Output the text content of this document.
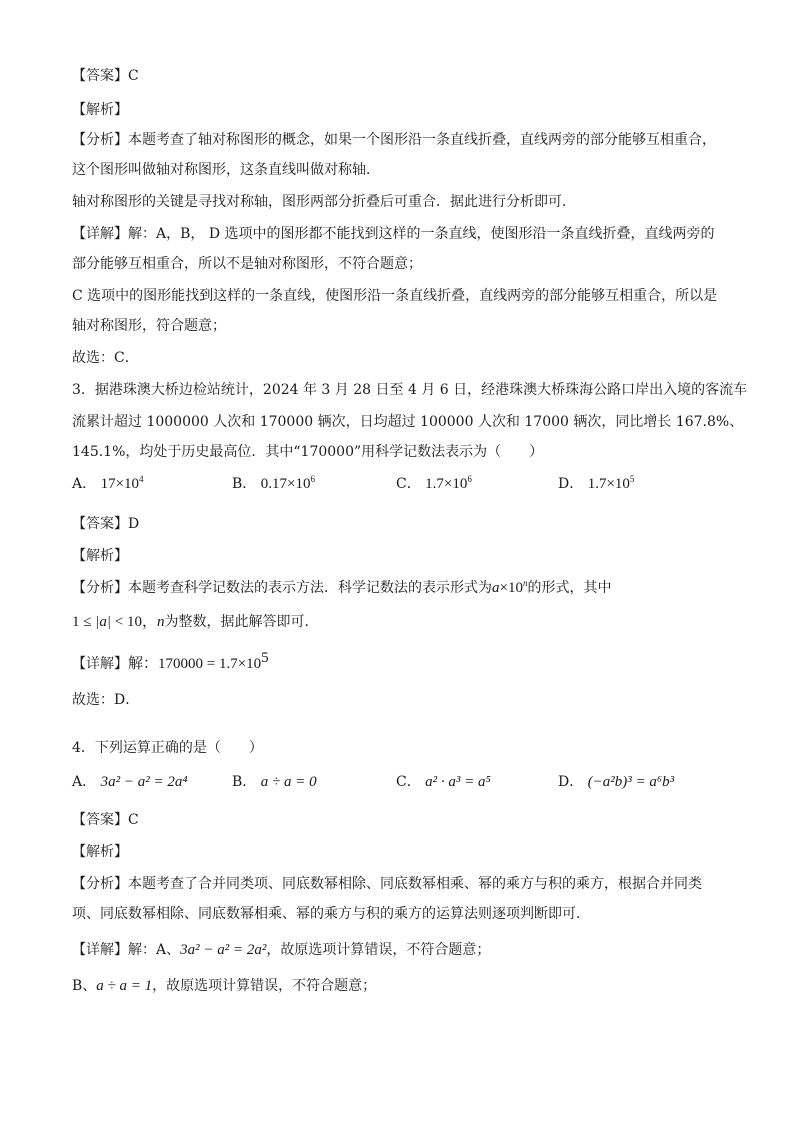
【答案】C
【解析】
【分析】本题考查了轴对称图形的概念，如果一个图形沿一条直线折叠，直线两旁的部分能够互相重合，
这个图形叫做轴对称图形，这条直线叫做对称轴．
轴对称图形的关键是寻找对称轴，图形两部分折叠后可重合．据此进行分析即可．
【详解】解：A，B， D 选项中的图形都不能找到这样的一条直线，使图形沿一条直线折叠，直线两旁的
部分能够互相重合，所以不是轴对称图形，不符合题意；
C 选项中的图形能找到这样的一条直线，使图形沿一条直线折叠，直线两旁的部分能够互相重合，所以是
轴对称图形，符合题意；
故选：C．
3．据港珠澳大桥边检站统计，2024 年 3 月 28 日至 4 月 6 日，经港珠澳大桥珠海公路口岸出入境的客流车
流累计超过 1000000 人次和 170000 辆次，日均超过 100000 人次和 17000 辆次，同比增长 167.8%、
145.1%，均处于历史最高位．其中“170000”用科学记数法表示为（　　）
A． $17\times 10^4$	B． $0.17\times 10^6$	C． $1.7\times 10^6$	D． $1.7\times 10^5$
【答案】D
【解析】
【分析】本题考查科学记数法的表示方法．科学记数法的表示形式为$a\times 10^n$的形式，其中
1 ≤ |a| < 10，n为整数，据此解答即可．
【详解】解：$170000 = 1.7\times 10^5$
故选：D．
4．下列运算正确的是（　　）
A． 3a² − a² = 2a⁴	B． a ÷ a = 0	C． a² · a³ = a⁵	D． (−a²b)³ = a⁶b³
【答案】C
【解析】
【分析】本题考查了合并同类项、同底数幂相除、同底数幂相乘、幂的乘方与积的乘方，根据合并同类
项、同底数幂相除、同底数幂相乘、幂的乘方与积的乘方的运算法则逐项判断即可．
【详解】解：A、3a² − a² = 2a²，故原选项计算错误，不符合题意；
B、a ÷ a = 1，故原选项计算错误，不符合题意；
